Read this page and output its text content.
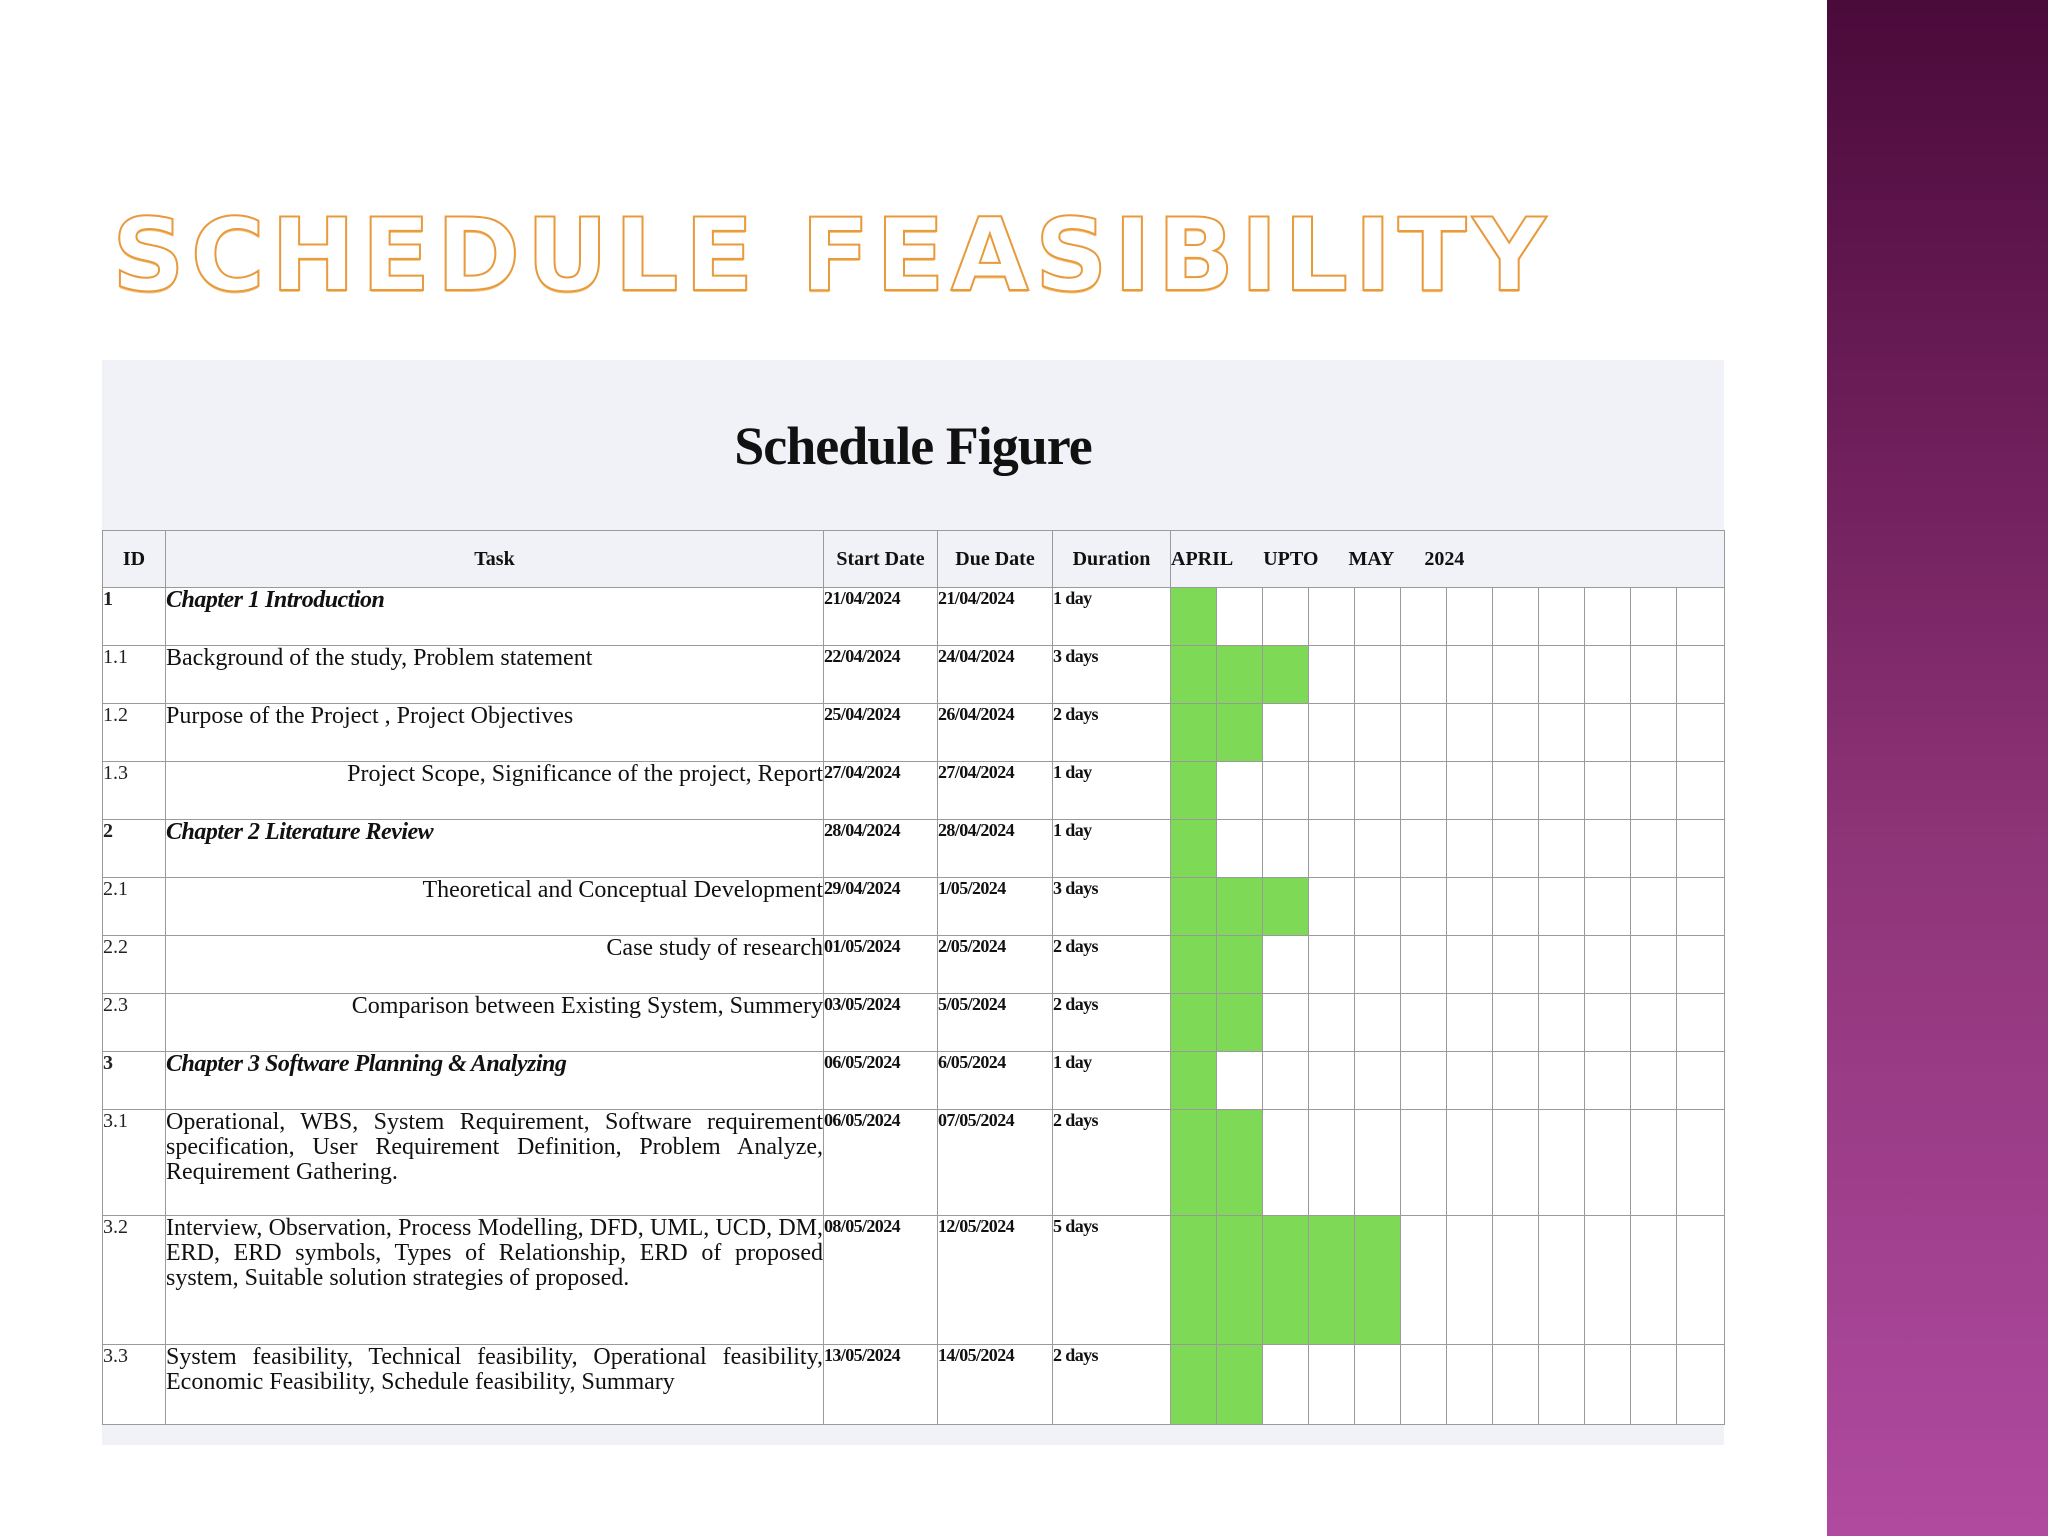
SCHEDULE FEASIBILITY
Schedule Figure
ID	Task	Start Date	Due Date	Duration	APRIL UPTO MAY 2024											
1	Chapter 1 Introduction	21/04/2024	21/04/2024	1 day												
1.1	Background of the study, Problem statement	22/04/2024	24/04/2024	3 days												
1.2	Purpose of the Project , Project Objectives	25/04/2024	26/04/2024	2 days												
1.3	Project Scope, Significance of the project, Report	27/04/2024	27/04/2024	1 day												
2	Chapter 2 Literature Review	28/04/2024	28/04/2024	1 day												
2.1	Theoretical and Conceptual Development	29/04/2024	1/05/2024	3 days												
2.2	Case study of research	01/05/2024	2/05/2024	2 days												
2.3	Comparison between Existing System, Summery	03/05/2024	5/05/2024	2 days												
3	Chapter 3 Software Planning & Analyzing	06/05/2024	6/05/2024	1 day												
3.1	Operational, WBS, System Requirement, Software requirement specification, User Requirement Definition, Problem Analyze, Requirement Gathering.	06/05/2024	07/05/2024	2 days												
3.2	Interview, Observation, Process Modelling, DFD, UML, UCD, DM, ERD, ERD symbols, Types of Relationship, ERD of proposed system, Suitable solution strategies of proposed.	08/05/2024	12/05/2024	5 days												
3.3	System feasibility, Technical feasibility, Operational feasibility, Economic Feasibility, Schedule feasibility, Summary	13/05/2024	14/05/2024	2 days												
